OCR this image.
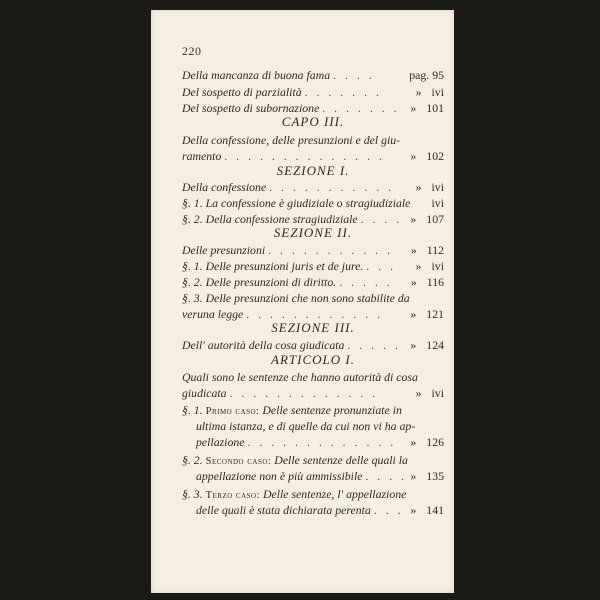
220
Della mancanza di buona fama . . . .	pag. 95
Del sospetto di parzialità . . . . . . .	» ivi
Del sospetto di subornazione . . . . . . . » 101
CAPO III.
Della confessione, delle presunzioni e del giu-
ramento . . . . . . . . . . . . . . » 102
SEZIONE I.
Della confessione . . . . . . . . . . . » ivi
§. 1. La confessione è giudiziale o stragiudiziale ivi
§. 2. Della confessione stragiudiziale . . . . » 107
SEZIONE II.
Delle presunzioni . . . . . . . . . . . » 112
§. 1. Delle presunzioni juris et de jure. . . . » ivi
§. 2. Delle presunzioni di diritto. . . . . . » 116
§. 3. Delle presunzioni che non sono stabilite da
veruna legge . . . . . . . . . . . . » 121
SEZIONE III.
Dell' autorità della cosa giudicata . . . . . » 124
ARTICOLO I.
Quali sono le sentenze che hanno autorità di cosa
giudicata . . . . . . . . . . . . .	» ivi
§. 1. Primo caso: Delle sentenze pronunziate in
ultima istanza, e di quelle da cui non vi ha ap-
pellazione . . . . . . . . . . . . . » 126
§. 2. Secondo caso: Delle sentenze delle quali la
appellazione non è più ammissibile . . . . » 135
§. 3. Terzo caso: Delle sentenze, l' appellazione
delle quali è stata dichiarata perenta . . . » 141
